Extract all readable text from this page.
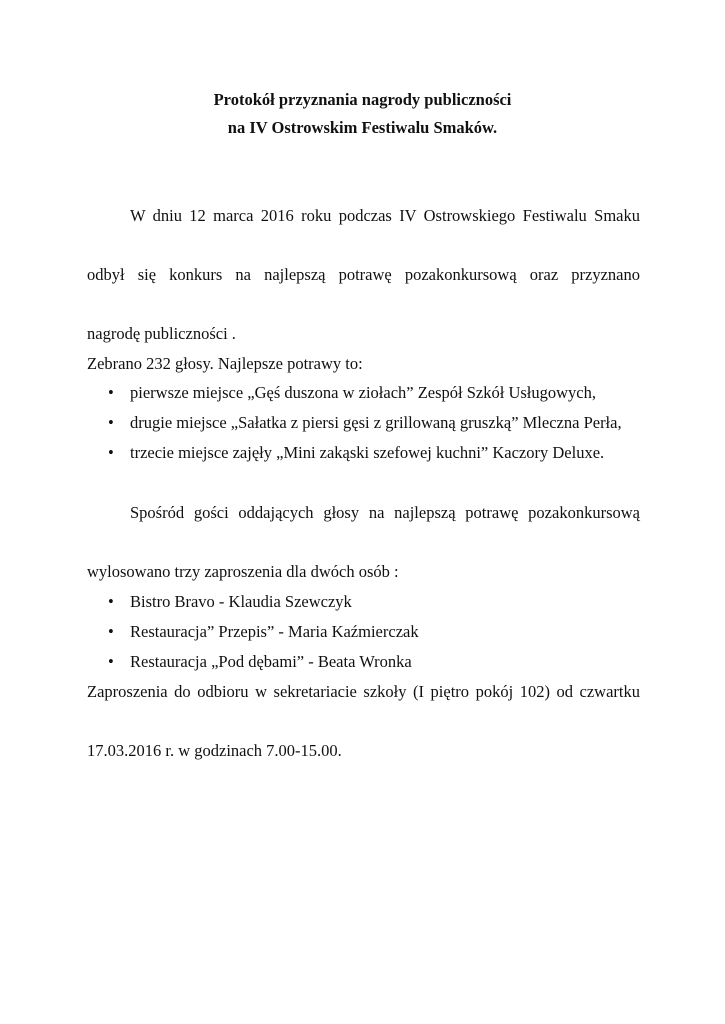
Protokół przyznania nagrody publiczności
na IV Ostrowskim Festiwalu Smaków.

W dniu 12 marca 2016 roku podczas IV Ostrowskiego Festiwalu Smaku

odbył się konkurs na najlepszą potrawę pozakonkursową oraz przyznano

nagrodę publiczności .

Zebrano 232 głosy. Najlepsze potrawy to:

• pierwsze miejsce „Gęś duszona w ziołach” Zespół Szkół Usługowych,
• drugie miejsce „Sałatka z piersi gęsi z grillowaną gruszką” Mleczna Perła,
• trzecie miejsce zajęły „Mini zakąski szefowej kuchni” Kaczory Deluxe.

Spośród gości oddających głosy na najlepszą potrawę pozakonkursową

wylosowano trzy zaproszenia dla dwóch osób :

• Bistro Bravo - Klaudia Szewczyk
• Restauracja” Przepis” - Maria Kaźmierczak
• Restauracja „Pod dębami” - Beata Wronka

Zaproszenia do odbioru w sekretariacie szkoły (I piętro pokój 102) od czwartku

17.03.2016 r. w godzinach 7.00-15.00.
